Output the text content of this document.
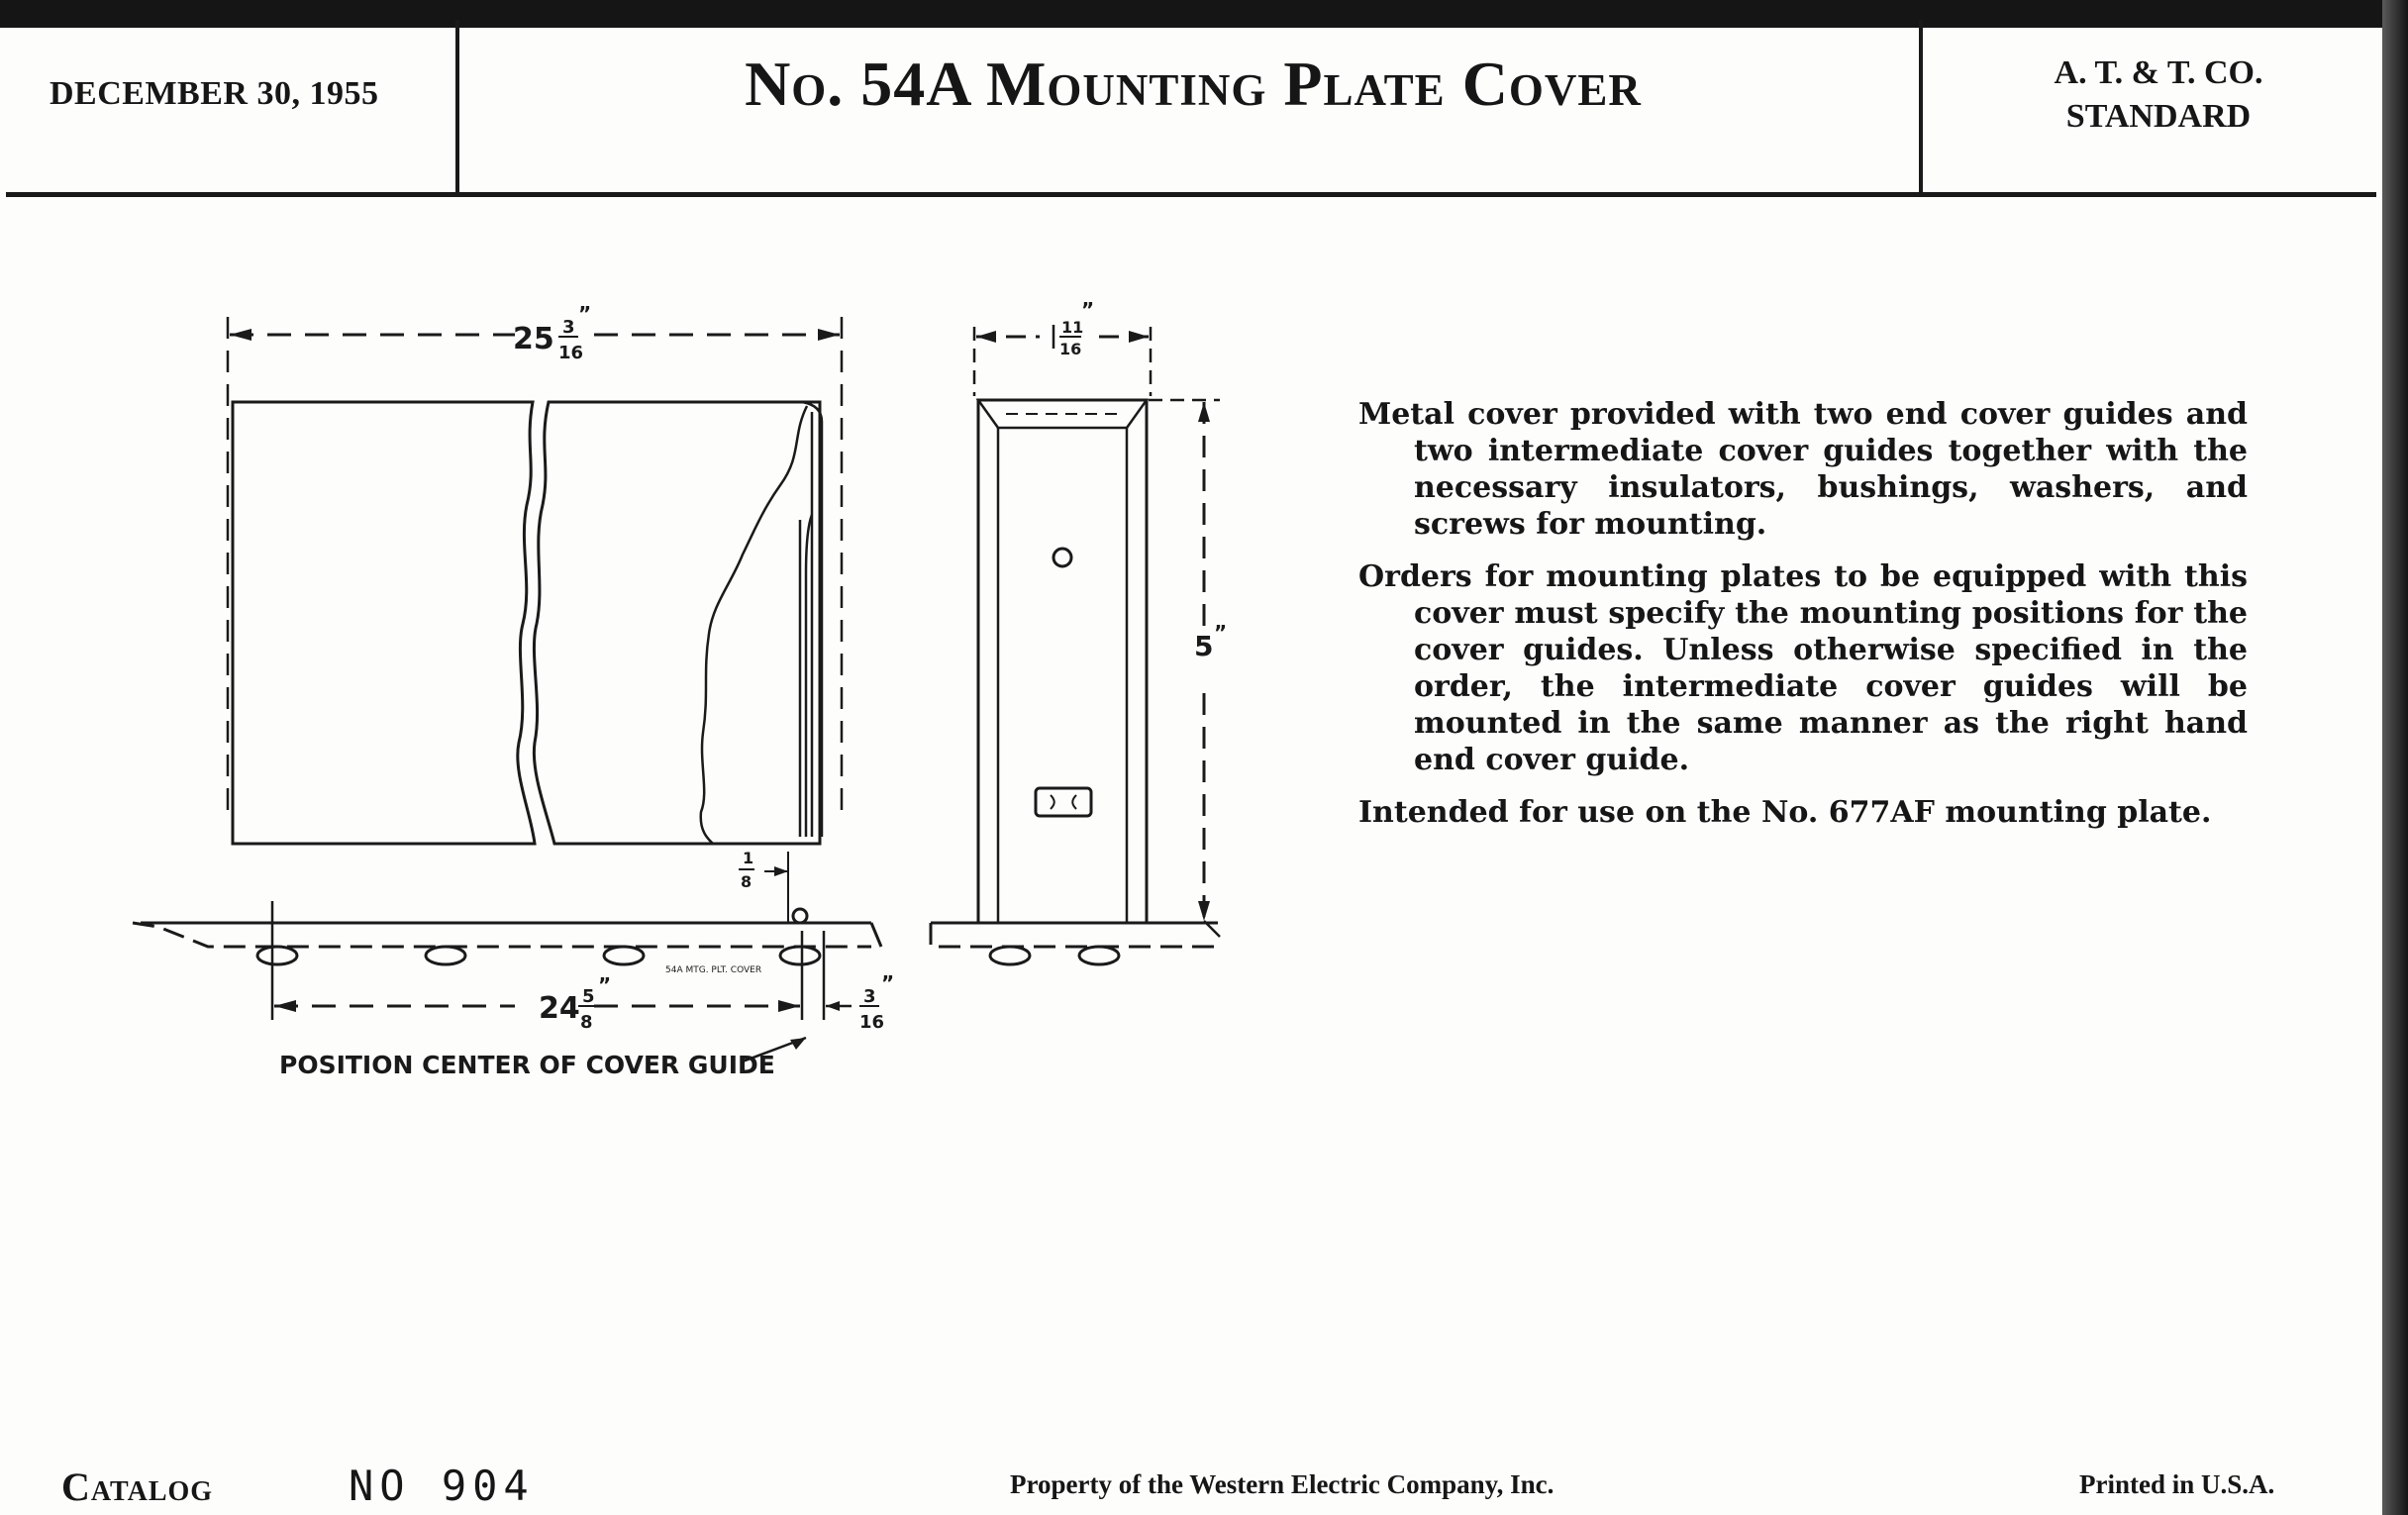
DECEMBER 30, 1955	No. 54A Mounting Plate Cover	A. T. & T. CO.
STANDARD
25 3
16
”
54A MTG. PLT. COVER
1
8
24 5
8
”	3
16
”
POSITION CENTER OF COVER GUIDE
11
16
”
5 ”

Metal cover provided with two end cover guides and two intermediate cover guides together with the necessary insulators, bushings, washers, and screws for mounting.

Orders for mounting plates to be equipped with this cover must specify the mounting positions for the cover guides. Unless otherwise specified in the order, the intermediate cover guides will be mounted in the same manner as the right hand end cover guide.

Intended for use on the No. 677AF mounting plate.

Catalog	NO 904	Property of the Western Electric Company, Inc.	Printed in U.S.A.
